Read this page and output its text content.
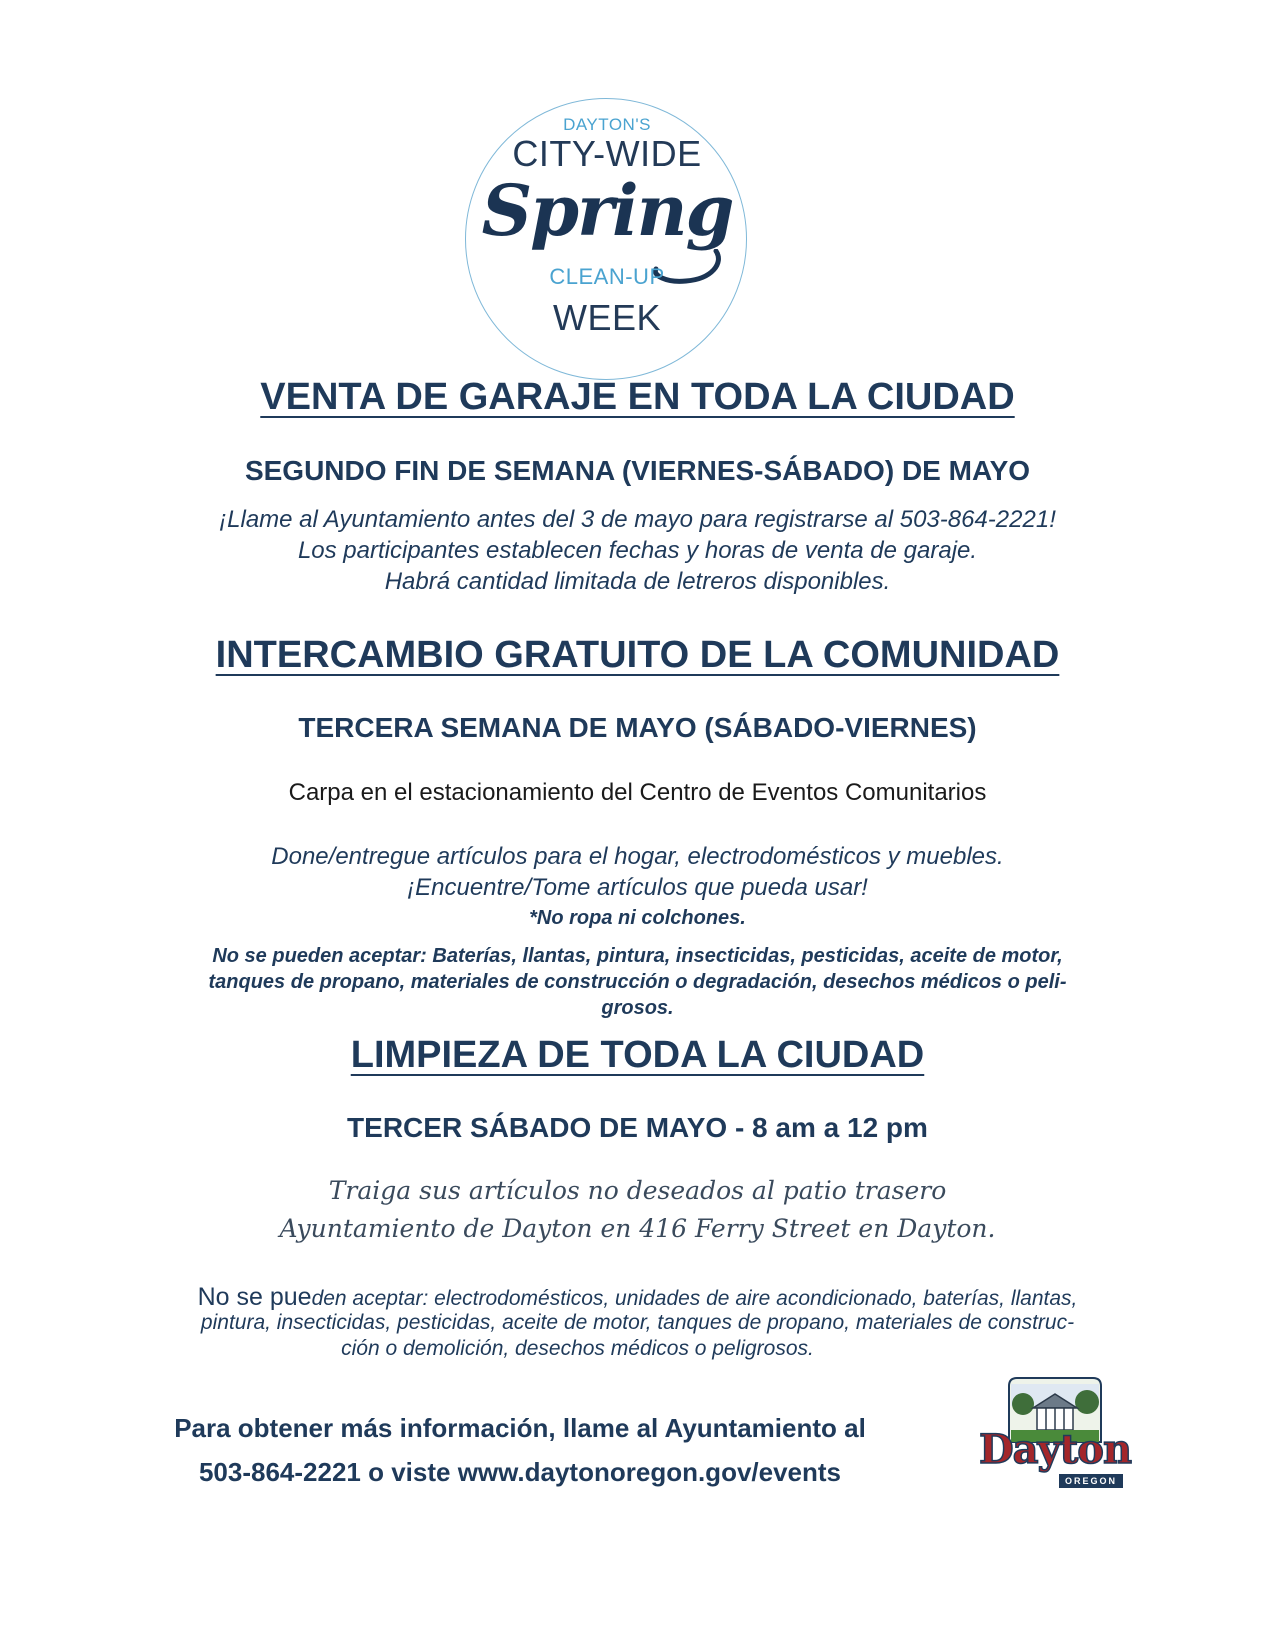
DAYTON'S
CITY-WIDE
Spring
CLEAN-UP
WEEK
VENTA DE GARAJE EN TODA LA CIUDAD
SEGUNDO FIN DE SEMANA (VIERNES-SÁBADO) DE MAYO
¡Llame al Ayuntamiento antes del 3 de mayo para registrarse al 503-864-2221!
Los participantes establecen fechas y horas de venta de garaje.
Habrá cantidad limitada de letreros disponibles.
INTERCAMBIO GRATUITO DE LA COMUNIDAD
TERCERA SEMANA DE MAYO (SÁBADO-VIERNES)
Carpa en el estacionamiento del Centro de Eventos Comunitarios
Done/entregue artículos para el hogar, electrodomésticos y muebles.
¡Encuentre/Tome artículos que pueda usar!
*No ropa ni colchones.
No se pueden aceptar: Baterías, llantas, pintura, insecticidas, pesticidas, aceite de motor,
tanques de propano, materiales de construcción o degradación, desechos médicos o peli-
grosos.
LIMPIEZA DE TODA LA CIUDAD
TERCER SÁBADO DE MAYO - 8 am a 12 pm
Traiga sus artículos no deseados al patio trasero
Ayuntamiento de Dayton en 416 Ferry Street en Dayton.
No se pueden aceptar: electrodomésticos, unidades de aire acondicionado, baterías, llantas,
pintura, insecticidas, pesticidas, aceite de motor, tanques de propano, materiales de construc-
ción o demolición, desechos médicos o peligrosos.
Para obtener más información, llame al Ayuntamiento al
503-864-2221 o viste www.daytonoregon.gov/events	Dayton
OREGON
